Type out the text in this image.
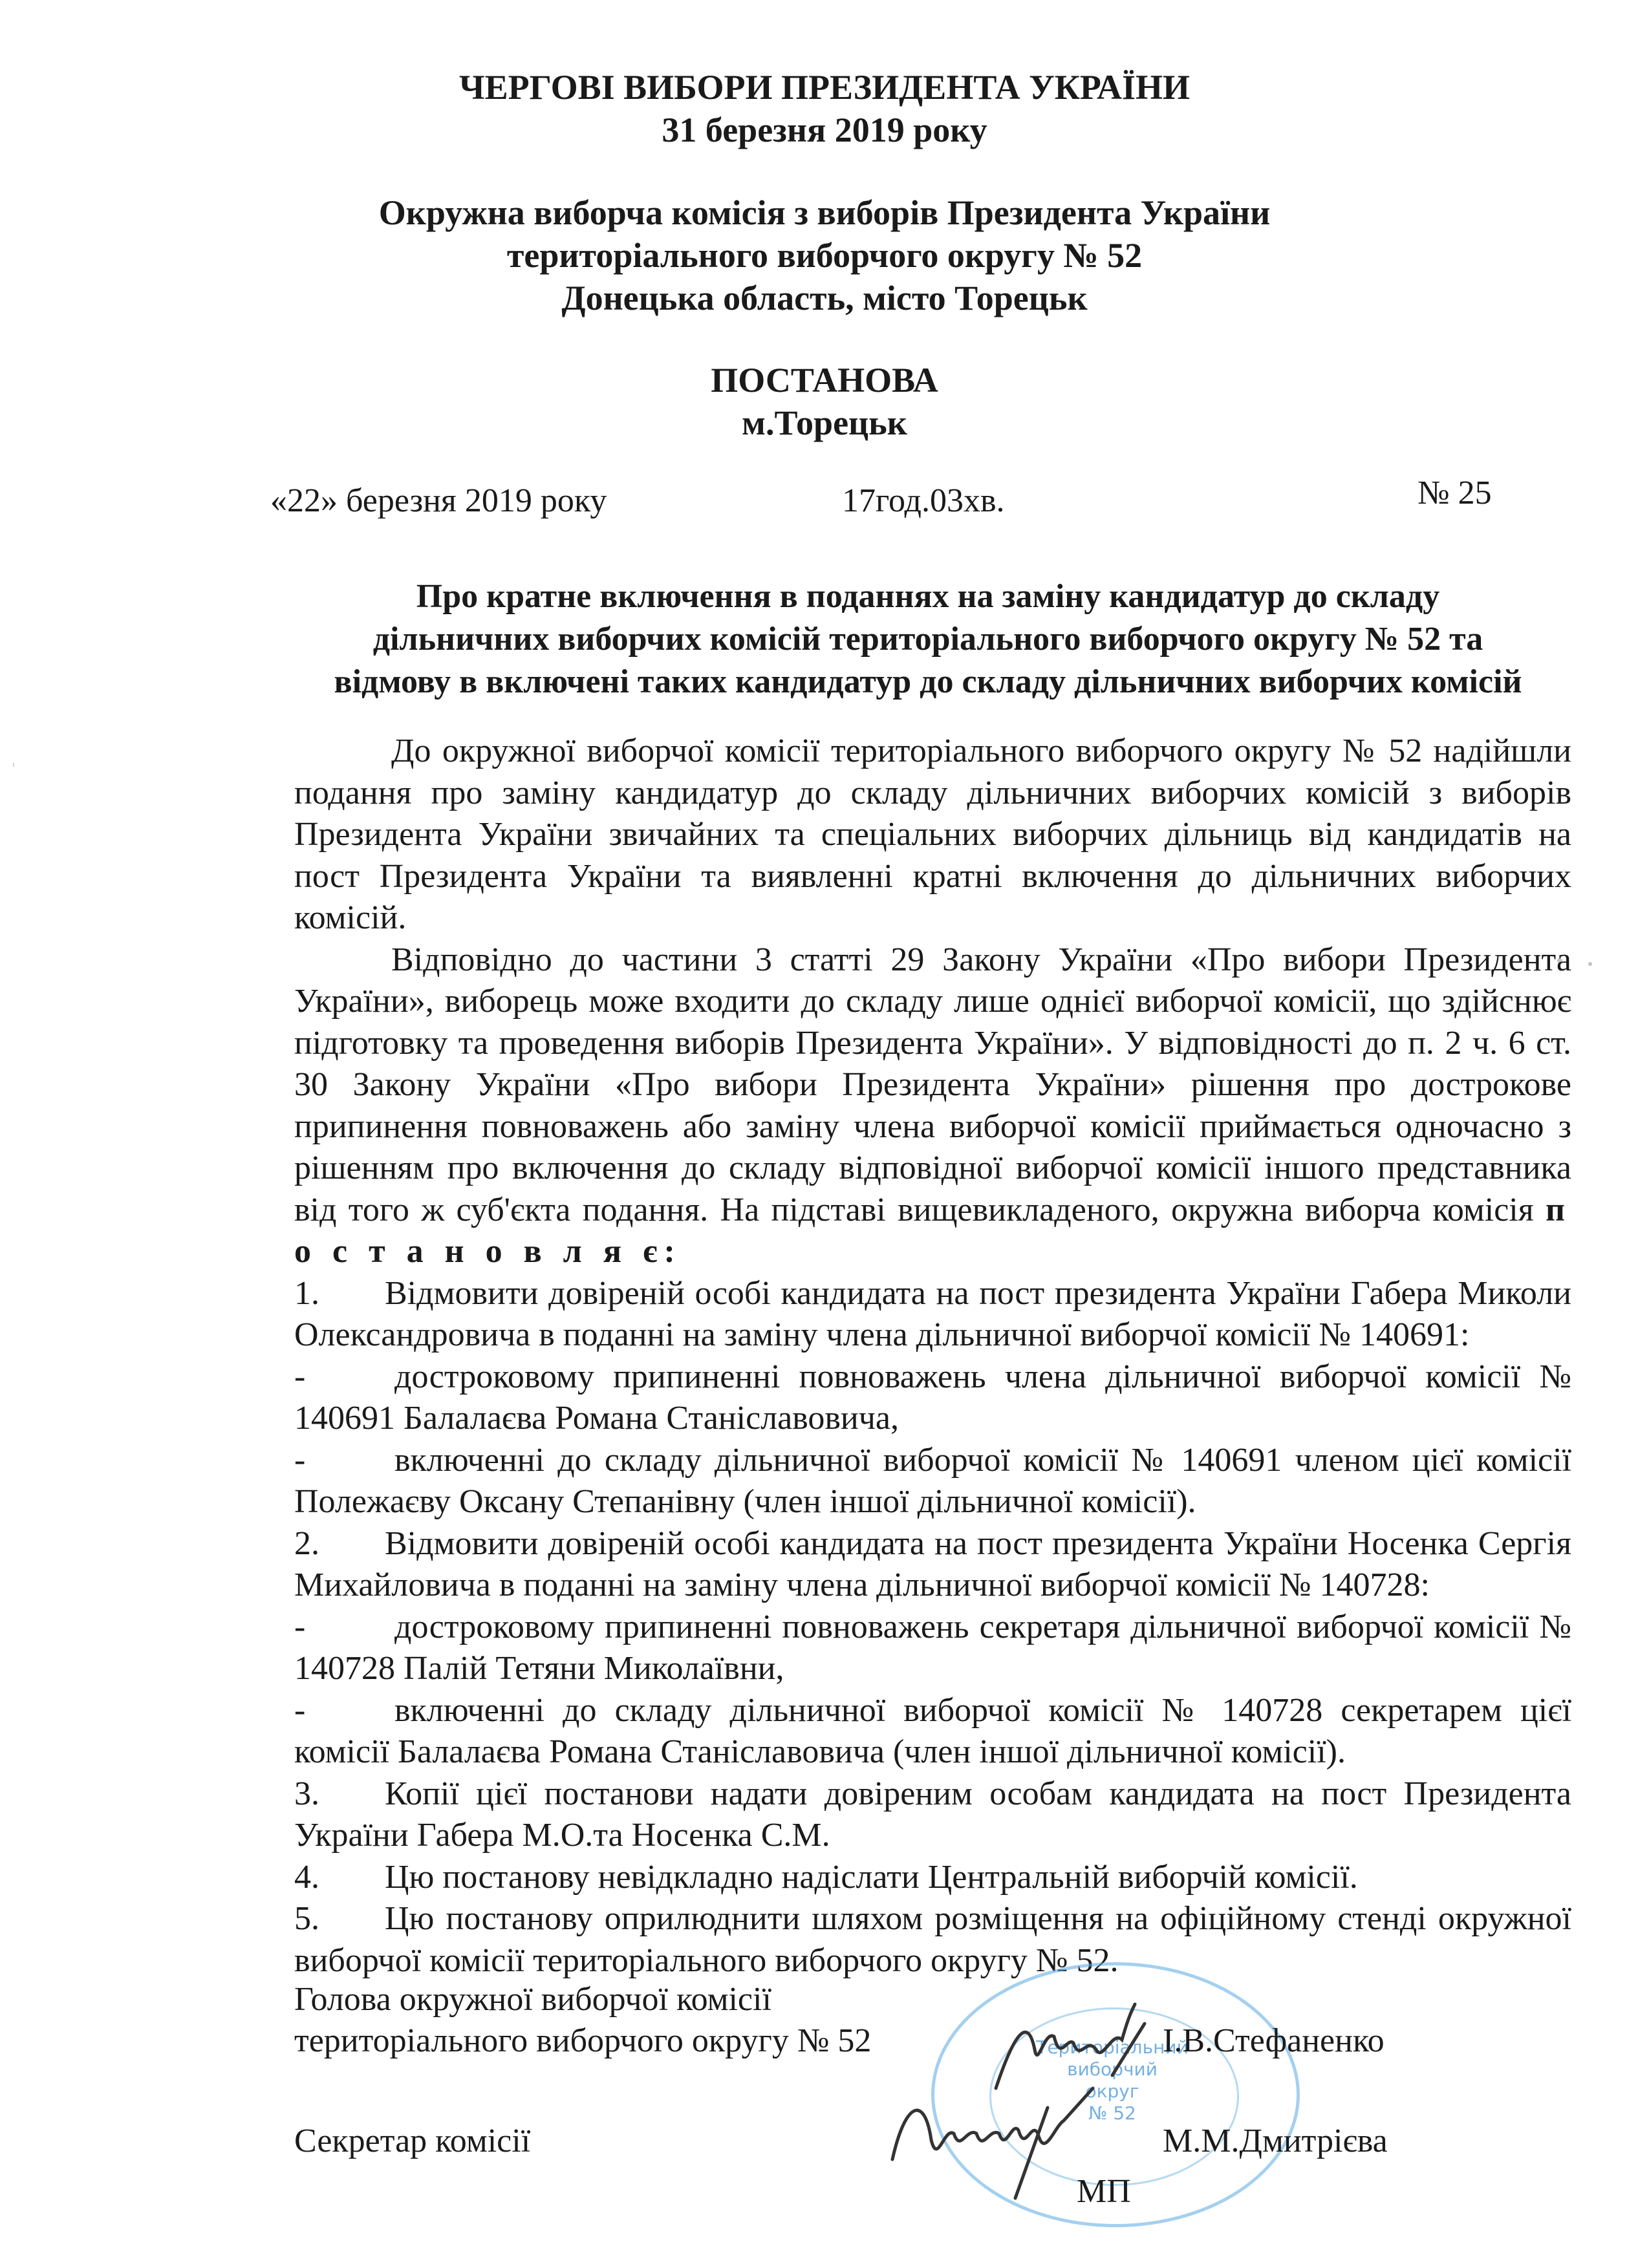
ЧЕРГОВІ ВИБОРИ ПРЕЗИДЕНТА УКРАЇНИ
31 березня 2019 року
Окружна виборча комісія з виборів Президента України
територіального виборчого округу № 52
Донецька область, місто Торецьк
ПОСТАНОВА
м.Торецьк
«22» березня 2019 року	17год.03хв.	№ 25
Про кратне включення в поданнях на заміну кандидатур до складу
дільничних виборчих комісій територіального виборчого округу № 52 та
відмову в включені таких кандидатур до складу дільничних виборчих комісій

До окружної виборчої комісії територіального виборчого округу № 52 надійшли подання про заміну кандидатур до складу дільничних виборчих комісій з виборів Президента України звичайних та спеціальних виборчих дільниць від кандидатів на пост Президента України та виявленні кратні включення до дільничних виборчих комісій.

Відповідно до частини 3 статті 29 Закону України «Про вибори Президента України», виборець може входити до складу лише однієї виборчої комісії, що здійснює підготовку та проведення виборів Президента України». У відповідності до п. 2 ч. 6 ст. 30 Закону України «Про вибори Президента України» рішення про дострокове припинення повноважень або заміну члена виборчої комісії приймається одночасно з рішенням про включення до складу відповідної виборчої комісії іншого представника від того ж суб'єкта подання. На підставі вищевикладеного, окружна виборча комісія п о с т а н о в л я є:

1. Відмовити довіреній особі кандидата на пост президента України Габера Миколи Олександровича в поданні на заміну члена дільничної виборчої комісії № 140691:

-	достроковому припиненні повноважень члена дільничної виборчої комісії № 140691 Балалаєва Романа Станіславовича,

-	включенні до складу дільничної виборчої комісії № 140691 членом цієї комісії Полежаєву Оксану Степанівну (член іншої дільничної комісії).

2. Відмовити довіреній особі кандидата на пост президента України Носенка Сергія Михайловича в поданні на заміну члена дільничної виборчої комісії № 140728:

-	достроковому припиненні повноважень секретаря дільничної виборчої комісії № 140728 Палій Тетяни Миколаївни,

-	включенні до складу дільничної виборчої комісії № 140728 секретарем цієї комісії Балалаєва Романа Станіславовича (член іншої дільничної комісії).

3. Копії цієї постанови надати довіреним особам кандидата на пост Президента України Габера М.О.та Носенка С.М.

4. Цю постанову невідкладно надіслати Центральній виборчій комісії.

5. Цю постанову оприлюднити шляхом розміщення на офіційному стенді окружної виборчої комісії територіального виборчого округу № 52.

Територіальний
виборчий
округ
№ 52
Голова окружної виборчої комісії
територіального виборчого округу № 52	І.В.Стефаненко
Секретар комісії	М.М.Дмитрієва
МП
